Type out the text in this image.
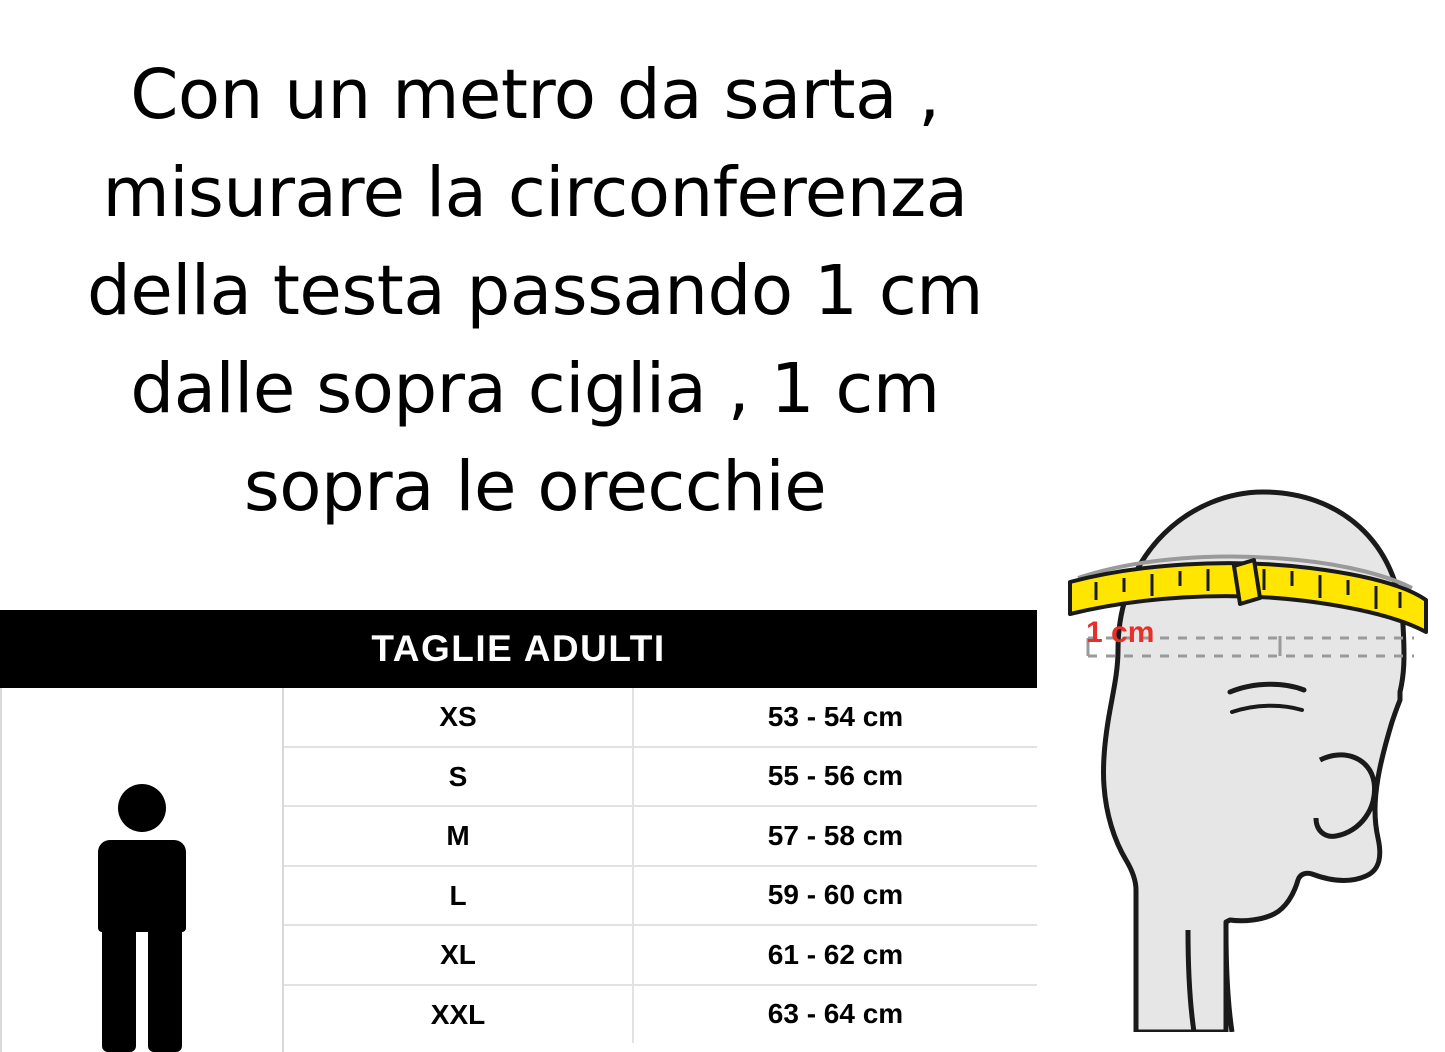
Con un metro da sarta ,
misurare la circonferenza
della testa passando 1 cm
dalle sopra ciglia , 1 cm
sopra le orecchie
TAGLIE ADULTI
XS	53 - 54 cm
S	55 - 56 cm
M	57 - 58 cm
L	59 - 60 cm
XL	61 - 62 cm
XXL	63 - 64 cm
1 cm
